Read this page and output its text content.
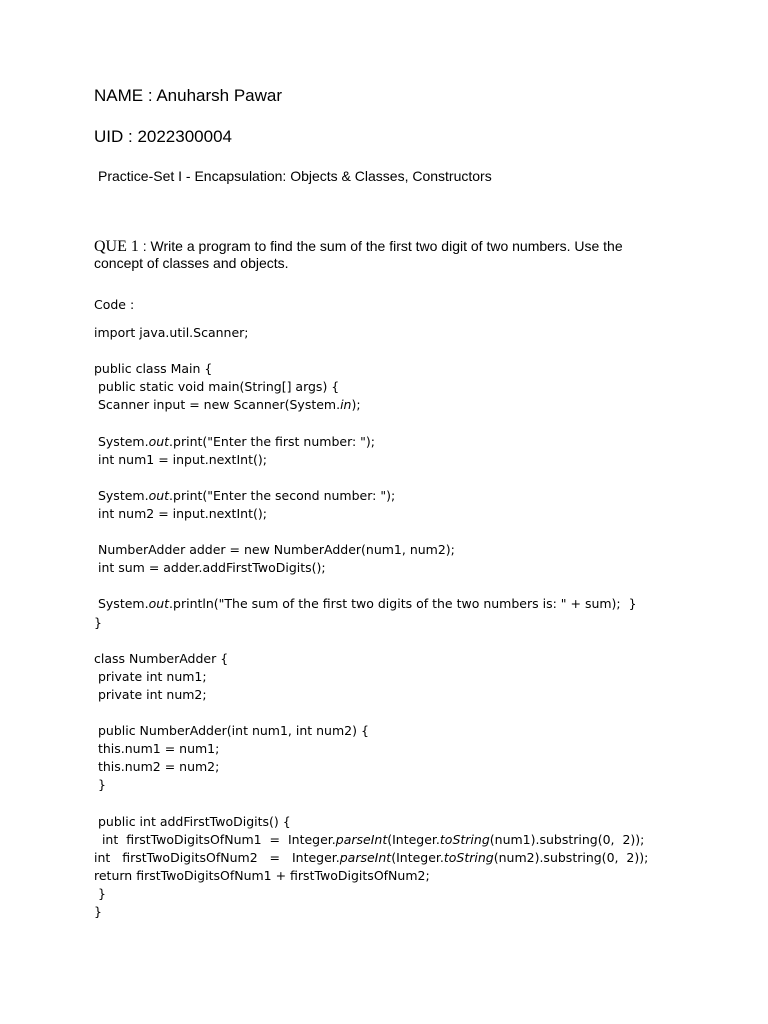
NAME : Anuharsh Pawar
UID : 2022300004
Practice-Set I - Encapsulation: Objects & Classes, Constructors
QUE 1 : Write a program to find the sum of the first two digit of two numbers. Use the concept of classes and objects.
Code :
import java.util.Scanner;
public class Main {
public static void main(String[] args) {
Scanner input = new Scanner(System.in);
System.out.print("Enter the first number: ");
int num1 = input.nextInt();
System.out.print("Enter the second number: ");
int num2 = input.nextInt();
NumberAdder adder = new NumberAdder(num1, num2);
int sum = adder.addFirstTwoDigits();
System.out.println("The sum of the first two digits of the two numbers is: " + sum);  }
}
class NumberAdder {
private int num1;
private int num2;
public NumberAdder(int num1, int num2) {
this.num1 = num1;
this.num2 = num2;
}
public int addFirstTwoDigits() {
int  firstTwoDigitsOfNum1  =  Integer.parseInt(Integer.toString(num1).substring(0,  2));
int   firstTwoDigitsOfNum2   =   Integer.parseInt(Integer.toString(num2).substring(0,  2));
return firstTwoDigitsOfNum1 + firstTwoDigitsOfNum2;
}
}
